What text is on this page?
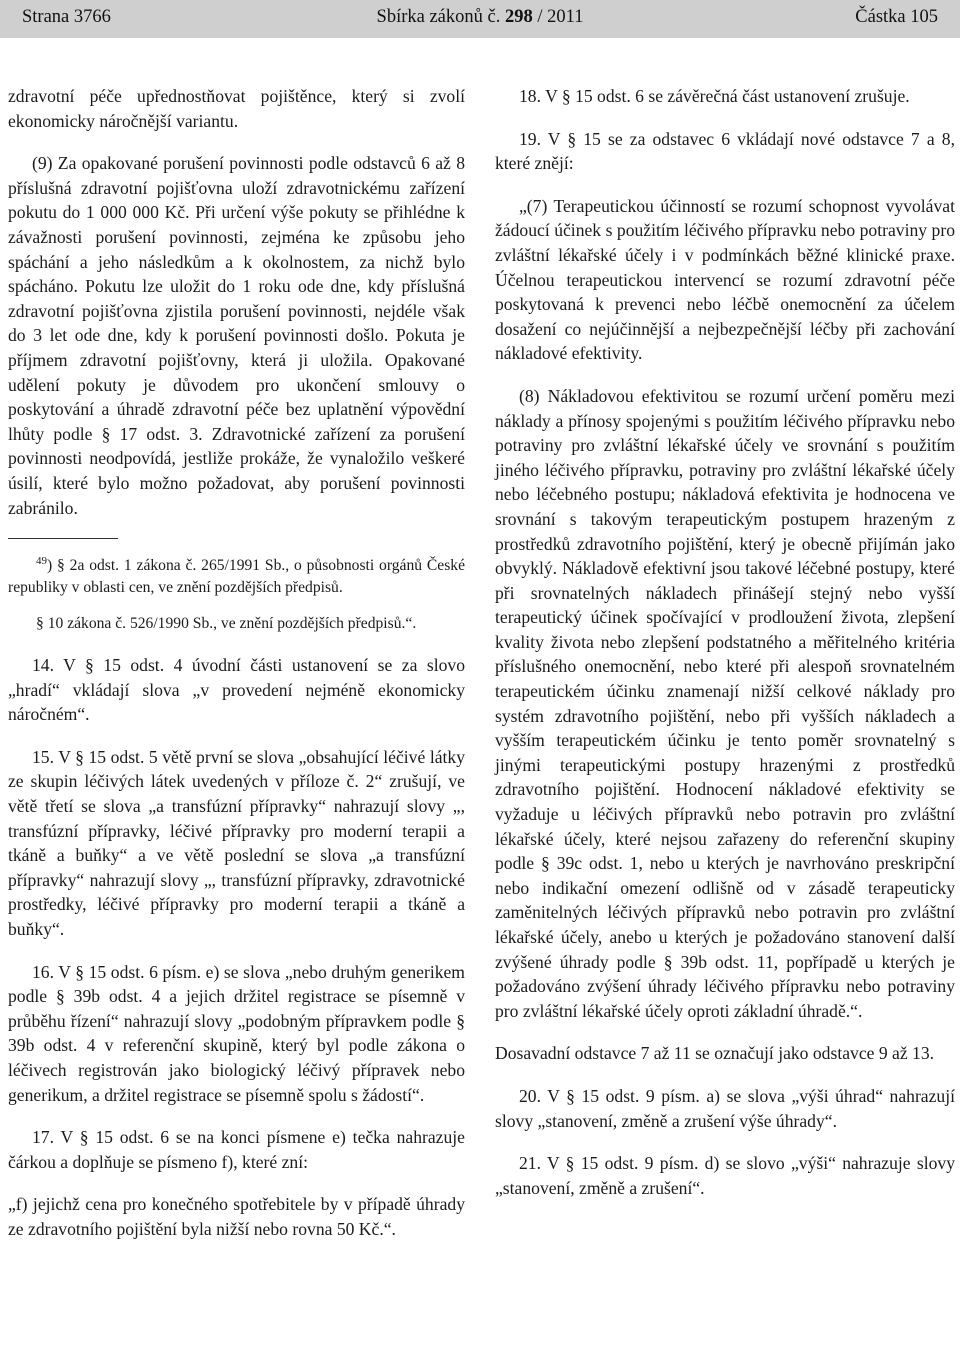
Strana 3766	Sbírka zákonů č. 298 / 2011	Částka 105

zdravotní péče upřednostňovat pojištěnce, který si zvolí ekonomicky náročnější variantu.

(9) Za opakované porušení povinnosti podle odstavců 6 až 8 příslušná zdravotní pojišťovna uloží zdravotnickému zařízení pokutu do 1 000 000 Kč. Při určení výše pokuty se přihlédne k závažnosti porušení povinnosti, zejména ke způsobu jeho spáchání a jeho následkům a k okolnostem, za nichž bylo spácháno. Pokutu lze uložit do 1 roku ode dne, kdy příslušná zdravotní pojišťovna zjistila porušení povinnosti, nejdéle však do 3 let ode dne, kdy k porušení povinnosti došlo. Pokuta je příjmem zdravotní pojišťovny, která ji uložila. Opakované udělení pokuty je důvodem pro ukončení smlouvy o poskytování a úhradě zdravotní péče bez uplatnění výpovědní lhůty podle § 17 odst. 3. Zdravotnické zařízení za porušení povinnosti neodpovídá, jestliže prokáže, že vynaložilo veškeré úsilí, které bylo možno požadovat, aby porušení povinnosti zabránilo.

$^{49}$) § 2a odst. 1 zákona č. 265/1991 Sb., o působnosti orgánů České republiky v oblasti cen, ve znění pozdějších předpisů.

§ 10 zákona č. 526/1990 Sb., ve znění pozdějších předpisů.“.

14. V § 15 odst. 4 úvodní části ustanovení se za slovo „hradí“ vkládají slova „v provedení nejméně ekonomicky náročném“.

15. V § 15 odst. 5 větě první se slova „obsahující léčivé látky ze skupin léčivých látek uvedených v příloze č. 2“ zrušují, ve větě třetí se slova „a transfúzní přípravky“ nahrazují slovy „, transfúzní přípravky, léčivé přípravky pro moderní terapii a tkáně a buňky“ a ve větě poslední se slova „a transfúzní přípravky“ nahrazují slovy „, transfúzní přípravky, zdravotnické prostředky, léčivé přípravky pro moderní terapii a tkáně a buňky“.

16. V § 15 odst. 6 písm. e) se slova „nebo druhým generikem podle § 39b odst. 4 a jejich držitel registrace se písemně v průběhu řízení“ nahrazují slovy „podobným přípravkem podle § 39b odst. 4 v referenční skupině, který byl podle zákona o léčivech registrován jako biologický léčivý přípravek nebo generikum, a držitel registrace se písemně spolu s žádostí“.

17. V § 15 odst. 6 se na konci písmene e) tečka nahrazuje čárkou a doplňuje se písmeno f), které zní:

„f) jejichž cena pro konečného spotřebitele by v případě úhrady ze zdravotního pojištění byla nižší nebo rovna 50 Kč.“.

18. V § 15 odst. 6 se závěrečná část ustanovení zrušuje.

19. V § 15 se za odstavec 6 vkládají nové odstavce 7 a 8, které znějí:

„(7) Terapeutickou účinností se rozumí schopnost vyvolávat žádoucí účinek s použitím léčivého přípravku nebo potraviny pro zvláštní lékařské účely i v podmínkách běžné klinické praxe. Účelnou terapeutickou intervencí se rozumí zdravotní péče poskytovaná k prevenci nebo léčbě onemocnění za účelem dosažení co nejúčinnější a nejbezpečnější léčby při zachování nákladové efektivity.

(8) Nákladovou efektivitou se rozumí určení poměru mezi náklady a přínosy spojenými s použitím léčivého přípravku nebo potraviny pro zvláštní lékařské účely ve srovnání s použitím jiného léčivého přípravku, potraviny pro zvláštní lékařské účely nebo léčebného postupu; nákladová efektivita je hodnocena ve srovnání s takovým terapeutickým postupem hrazeným z prostředků zdravotního pojištění, který je obecně přijímán jako obvyklý. Nákladově efektivní jsou takové léčebné postupy, které při srovnatelných nákladech přinášejí stejný nebo vyšší terapeutický účinek spočívající v prodloužení života, zlepšení kvality života nebo zlepšení podstatného a měřitelného kritéria příslušného onemocnění, nebo které při alespoň srovnatelném terapeutickém účinku znamenají nižší celkové náklady pro systém zdravotního pojištění, nebo při vyšších nákladech a vyšším terapeutickém účinku je tento poměr srovnatelný s jinými terapeutickými postupy hrazenými z prostředků zdravotního pojištění. Hodnocení nákladové efektivity se vyžaduje u léčivých přípravků nebo potravin pro zvláštní lékařské účely, které nejsou zařazeny do referenční skupiny podle § 39c odst. 1, nebo u kterých je navrhováno preskripční nebo indikační omezení odlišně od v zásadě terapeuticky zaměnitelných léčivých přípravků nebo potravin pro zvláštní lékařské účely, anebo u kterých je požadováno stanovení další zvýšené úhrady podle § 39b odst. 11, popřípadě u kterých je požadováno zvýšení úhrady léčivého přípravku nebo potraviny pro zvláštní lékařské účely oproti základní úhradě.“.

Dosavadní odstavce 7 až 11 se označují jako odstavce 9 až 13.

20. V § 15 odst. 9 písm. a) se slova „výši úhrad“ nahrazují slovy „stanovení, změně a zrušení výše úhrady“.

21. V § 15 odst. 9 písm. d) se slovo „výši“ nahrazuje slovy „stanovení, změně a zrušení“.
